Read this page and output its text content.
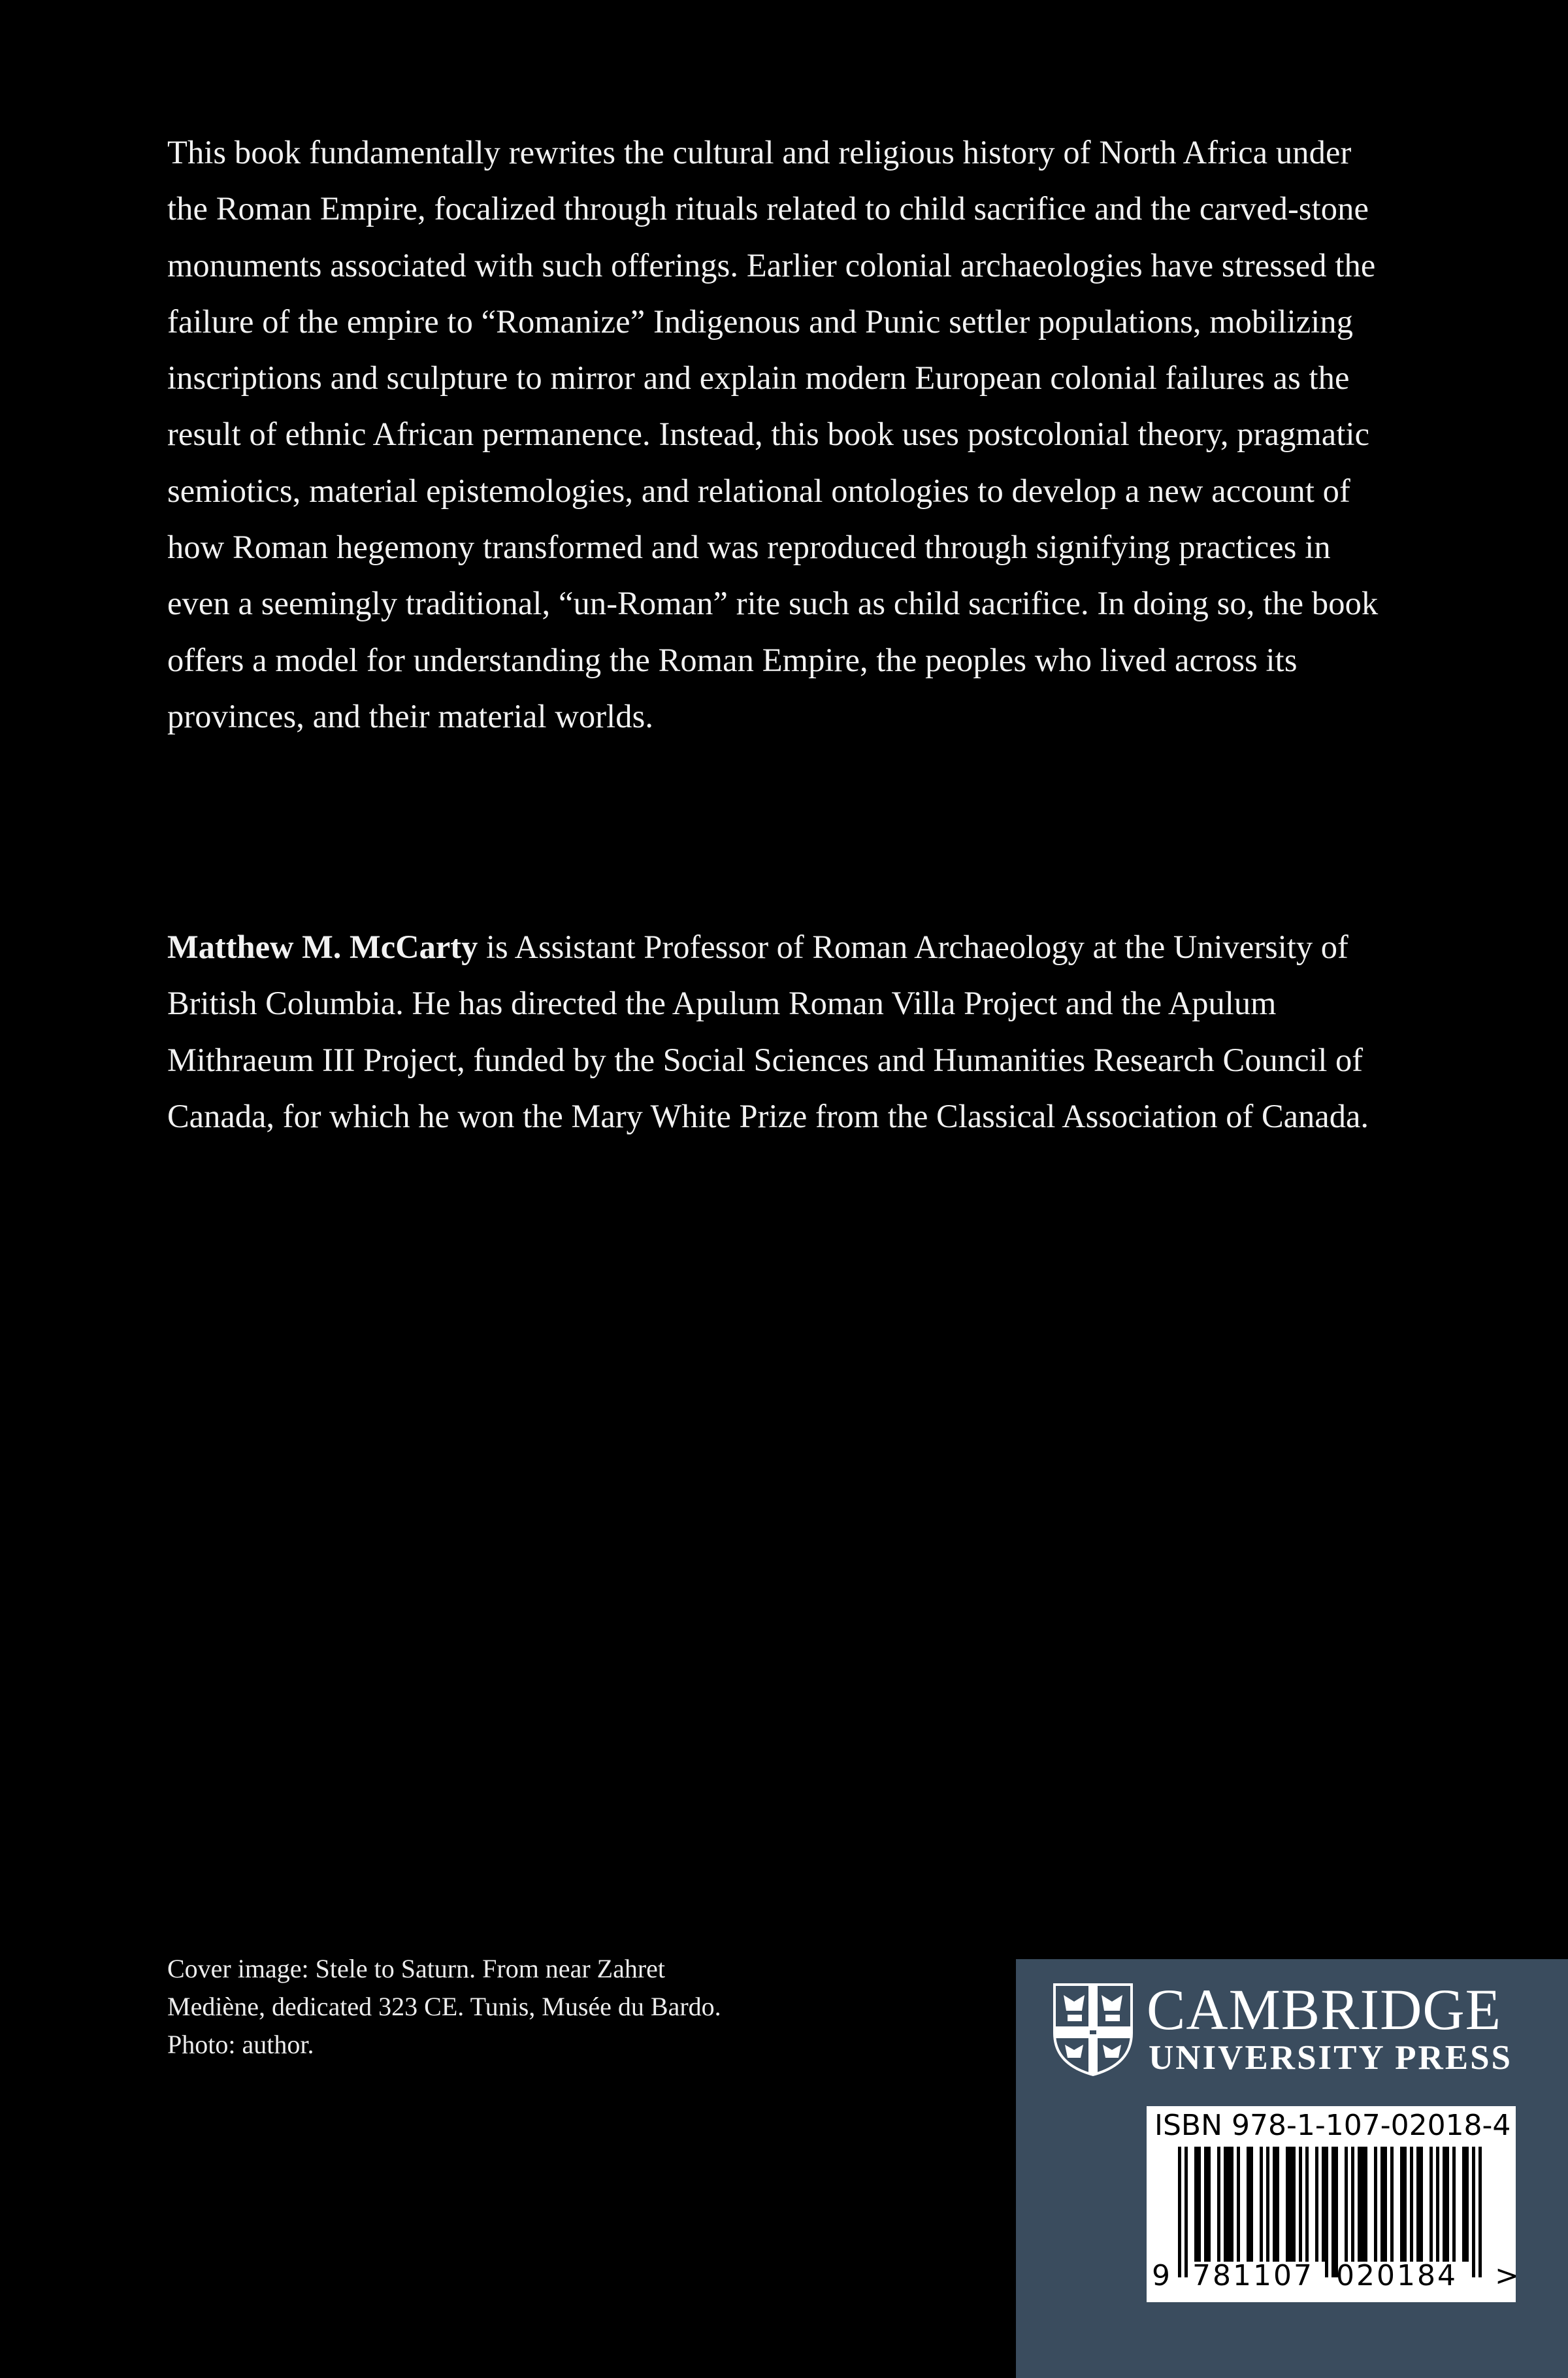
This book fundamentally rewrites the cultural and religious history of North Africa under the Roman Empire, focalized through rituals related to child sacrifice and the carved-stone monuments associated with such offerings. Earlier colonial archaeologies have stressed the failure of the empire to “Romanize” Indigenous and Punic settler populations, mobilizing inscriptions and sculpture to mirror and explain modern European colonial failures as the result of ethnic African permanence. Instead, this book uses postcolonial theory, pragmatic semiotics, material epistemologies, and relational ontologies to develop a new account of how Roman hegemony transformed and was reproduced through signifying practices in even a seemingly traditional, “un-Roman” rite such as child sacrifice. In doing so, the book offers a model for understanding the Roman Empire, the peoples who lived across its provinces, and their material worlds.

Matthew M. McCarty is Assistant Professor of Roman Archaeology at the University of British Columbia. He has directed the Apulum Roman Villa Project and the Apulum Mithraeum III Project, funded by the Social Sciences and Humanities Research Council of Canada, for which he won the Mary White Prize from the Classical Association of Canada.

Cover image: Stele to Saturn. From near Zahret Mediène, dedicated 323 CE. Tunis, Musée du Bardo. Photo: author.

CAMBRIDGE

UNIVERSITY PRESS

ISBN 978-1-107-02018-4

9 781107 020184 >
